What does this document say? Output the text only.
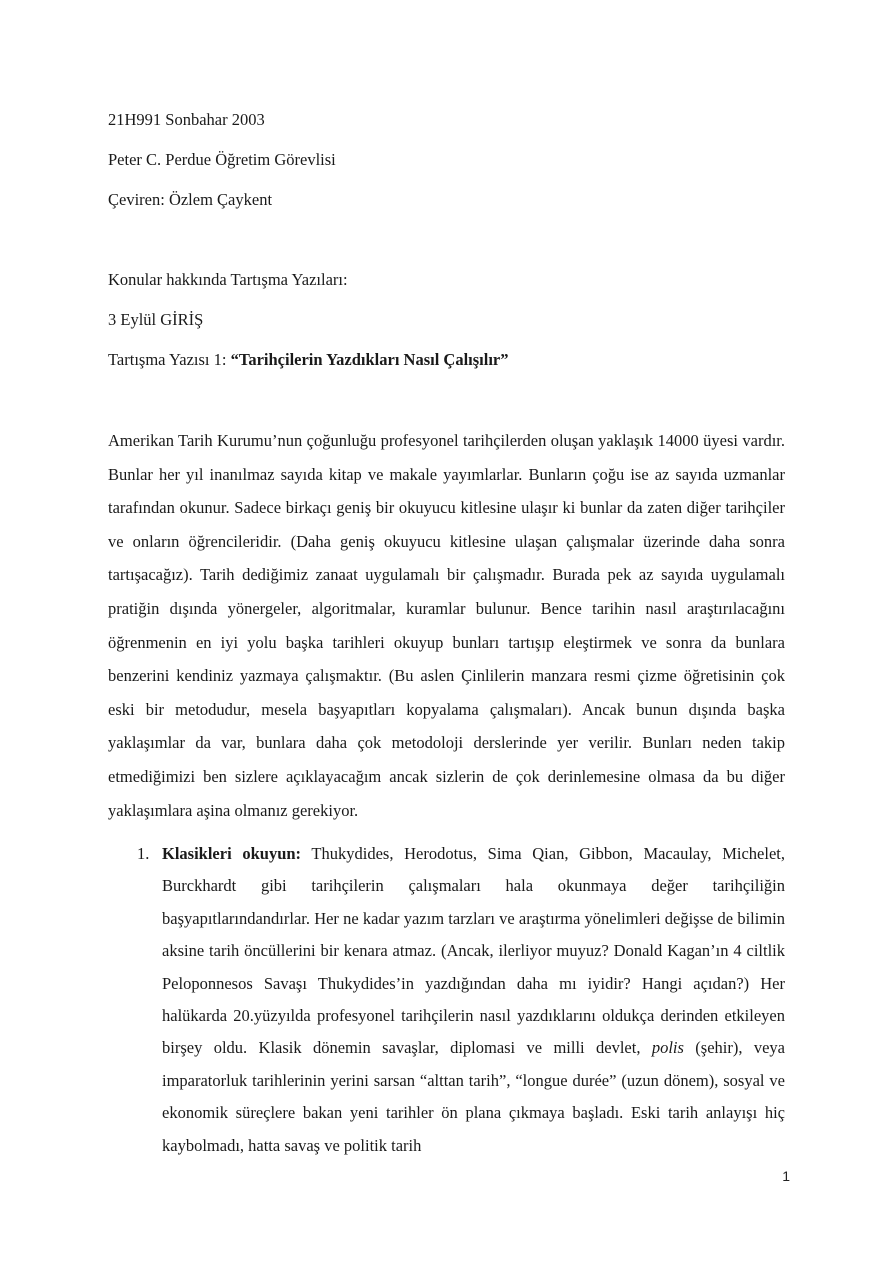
21H991 Sonbahar 2003
Peter C. Perdue Öğretim Görevlisi
Çeviren: Özlem Çaykent
Konular hakkında Tartışma Yazıları:
3 Eylül GİRİŞ
Tartışma Yazısı 1: “Tarihçilerin Yazdıkları Nasıl Çalışılır”
Amerikan Tarih Kurumu’nun çoğunluğu profesyonel tarihçilerden oluşan yaklaşık 14000 üyesi vardır. Bunlar her yıl inanılmaz sayıda kitap ve makale yayımlarlar. Bunların çoğu ise az sayıda uzmanlar tarafından okunur. Sadece birkaçı geniş bir okuyucu kitlesine ulaşır ki bunlar da zaten diğer tarihçiler ve onların öğrencileridir. (Daha geniş okuyucu kitlesine ulaşan çalışmalar üzerinde daha sonra tartışacağız). Tarih dediğimiz zanaat uygulamalı bir çalışmadır. Burada pek az sayıda uygulamalı pratiğin dışında yönergeler, algoritmalar, kuramlar bulunur. Bence tarihin nasıl araştırılacağını öğrenmenin en iyi yolu başka tarihleri okuyup bunları tartışıp eleştirmek ve sonra da bunlara benzerini kendiniz yazmaya çalışmaktır. (Bu aslen Çinlilerin manzara resmi çizme öğretisinin çok eski bir metodudur, mesela başyapıtları kopyalama çalışmaları). Ancak bunun dışında başka yaklaşımlar da var, bunlara daha çok metodoloji derslerinde yer verilir. Bunları neden takip etmediğimizi ben sizlere açıklayacağım ancak sizlerin de çok derinlemesine olmasa da bu diğer yaklaşımlara aşina olmanız gerekiyor.
1. Klasikleri okuyun: Thukydides, Herodotus, Sima Qian, Gibbon, Macaulay, Michelet, Burckhardt gibi tarihçilerin çalışmaları hala okunmaya değer tarihçiliğin başyapıtlarındandırlar. Her ne kadar yazım tarzları ve araştırma yönelimleri değişse de bilimin aksine tarih öncüllerini bir kenara atmaz. (Ancak, ilerliyor muyuz? Donald Kagan’ın 4 ciltlik Peloponnesos Savaşı Thukydides’in yazdığından daha mı iyidir? Hangi açıdan?) Her halükarda 20.yüzyılda profesyonel tarihçilerin nasıl yazdıklarını oldukça derinden etkileyen birşey oldu. Klasik dönemin savaşlar, diplomasi ve milli devlet, polis (şehir), veya imparatorluk tarihlerinin yerini sarsan “alttan tarih”, “longue durée” (uzun dönem), sosyal ve ekonomik süreçlere bakan yeni tarihler ön plana çıkmaya başladı. Eski tarih anlayışı hiç kaybolmadı, hatta savaş ve politik tarih
1
